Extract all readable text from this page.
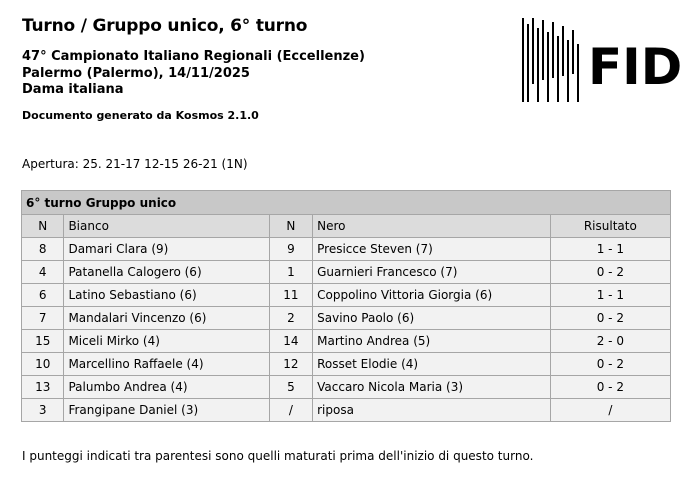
Turno / Gruppo unico, 6° turno
47° Campionato Italiano Regionali (Eccellenze)
Palermo (Palermo), 14/11/2025
Dama italiana
Documento generato da Kosmos 2.1.0
FID
Apertura: 25. 21-17 12-15 26-21 (1N)
6° turno Gruppo unico				
N	Bianco	N	Nero	Risultato
8	Damari Clara (9)	9	Presicce Steven (7)	1 - 1
4	Patanella Calogero (6)	1	Guarnieri Francesco (7)	0 - 2
6	Latino Sebastiano (6)	11	Coppolino Vittoria Giorgia (6)	1 - 1
7	Mandalari Vincenzo (6)	2	Savino Paolo (6)	0 - 2
15	Miceli Mirko (4)	14	Martino Andrea (5)	2 - 0
10	Marcellino Raffaele (4)	12	Rosset Elodie (4)	0 - 2
13	Palumbo Andrea (4)	5	Vaccaro Nicola Maria (3)	0 - 2
3	Frangipane Daniel (3)	/	riposa	/
I punteggi indicati tra parentesi sono quelli maturati prima dell'inizio di questo turno.
